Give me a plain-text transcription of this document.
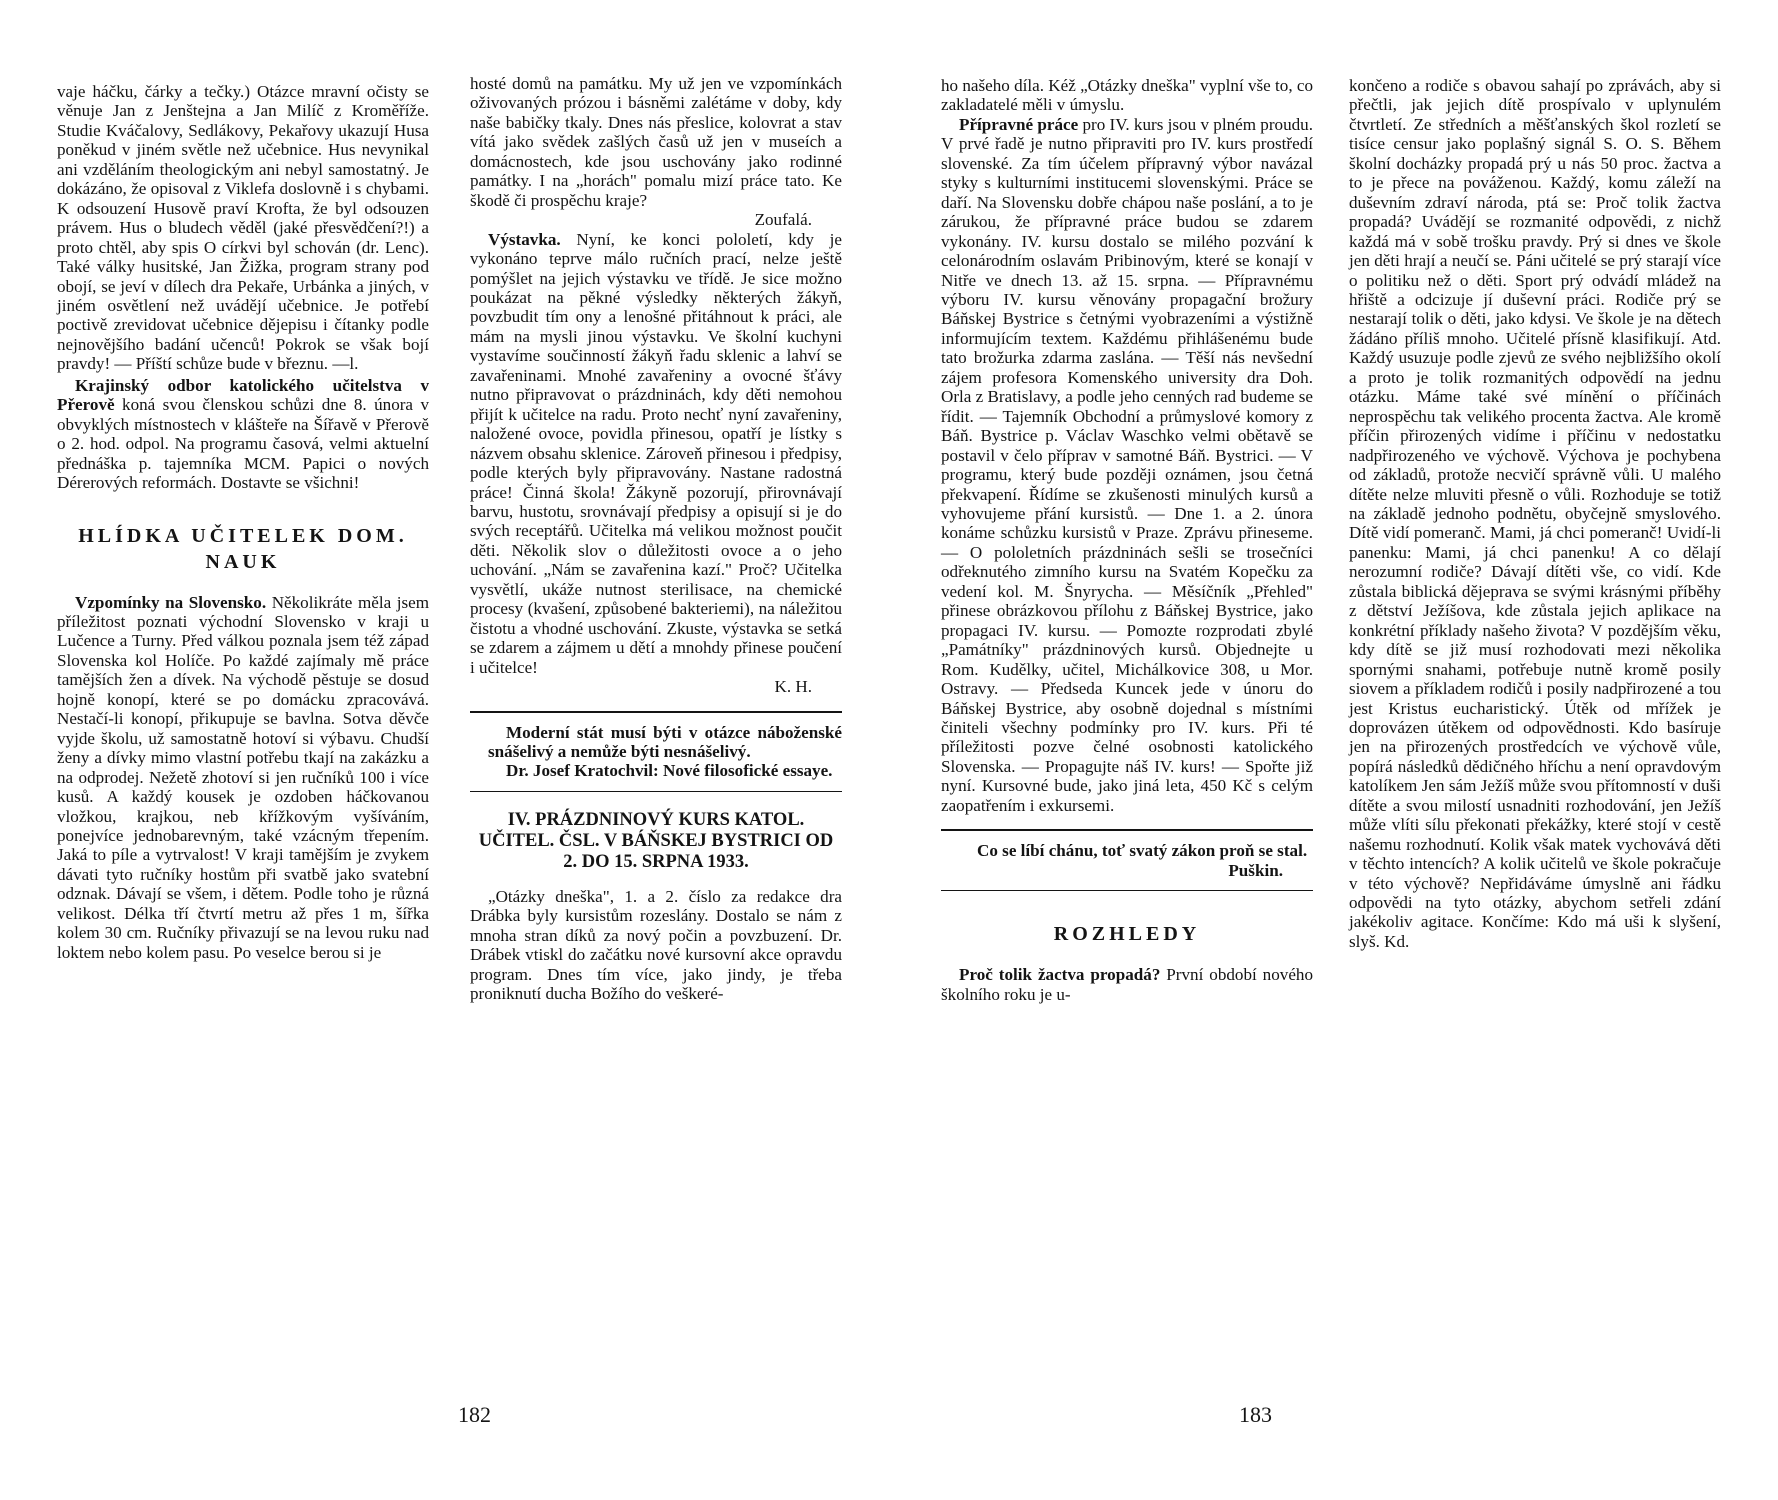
vaje háčku, čárky a tečky.) Otázce mravní očisty se věnuje Jan z Jenštejna a Jan Milíč z Kroměříže. Studie Kváčalovy, Sedlákovy, Pekařovy ukazují Husa poněkud v jiném světle než učebnice. Hus nevynikal ani vzděláním theologickým ani nebyl samostatný. Je dokázáno, že opisoval z Viklefa doslovně i s chybami. K odsouzení Husově praví Krofta, že byl odsouzen právem. Hus o bludech věděl (jaké přesvědčení?!) a proto chtěl, aby spis O církvi byl schován (dr. Lenc). Také války husitské, Jan Žižka, program strany pod obojí, se jeví v dílech dra Pekaře, Urbánka a jiných, v jiném osvětlení než uvádějí učebnice. Je potřebí poctivě zrevidovat učebnice dějepisu i čítanky podle nejnovějšího badání učenců! Pokrok se však bojí pravdy! — Příští schůze bude v březnu. —l.

Krajinský odbor katolického učitelstva v Přerově koná svou členskou schůzi dne 8. února v obvyklých místnostech v klášteře na Šířavě v Přerově o 2. hod. odpol. Na programu časová, velmi aktuelní přednáška p. tajemníka MCM. Papici o nových Dérerových reformách. Dostavte se všichni!

HLÍDKA UČITELEK DOM. NAUK

Vzpomínky na Slovensko. Několikráte měla jsem příležitost poznati východní Slovensko v kraji u Lučence a Turny. Před válkou poznala jsem též západ Slovenska kol Holíče. Po každé zajímaly mě práce tamějších žen a dívek. Na východě pěstuje se dosud hojně konopí, které se po domácku zpracovává. Nestačí-li konopí, přikupuje se bavlna. Sotva děvče vyjde školu, už samostatně hotoví si výbavu. Chudší ženy a dívky mimo vlastní potřebu tkají na zakázku a na odprodej. Nežetě zhotoví si jen ručníků 100 i více kusů. A každý kousek je ozdoben háčkovanou vložkou, krajkou, neb křížkovým vyšíváním, ponejvíce jednobarevným, také vzácným třepením. Jaká to píle a vytrvalost! V kraji tamějším je zvykem dávati tyto ručníky hostům při svatbě jako svatební odznak. Dávají se všem, i dětem. Podle toho je různá velikost. Délka tří čtvrtí metru až přes 1 m, šířka kolem 30 cm. Ručníky přivazují se na levou ruku nad loktem nebo kolem pasu. Po veselce berou si je

hosté domů na památku. My už jen ve vzpomínkách oživovaných prózou i básněmi zalétáme v doby, kdy naše babičky tkaly. Dnes nás přeslice, kolovrat a stav vítá jako svědek zašlých časů už jen v museích a domácnostech, kde jsou uschovány jako rodinné památky. I na „horách" pomalu mizí práce tato. Ke škodě či prospěchu kraje?

Zoufalá.

Výstavka. Nyní, ke konci pololetí, kdy je vykonáno teprve málo ručních prací, nelze ještě pomýšlet na jejich výstavku ve třídě. Je sice možno poukázat na pěkné výsledky některých žákyň, povzbudit tím ony a lenošné přitáhnout k práci, ale mám na mysli jinou výstavku. Ve školní kuchyni vystavíme součinností žákyň řadu sklenic a lahví se zavařeninami. Mnohé zavařeniny a ovocné šťávy nutno připravovat o prázdninách, kdy děti nemohou přijít k učitelce na radu. Proto nechť nyní zavařeniny, naložené ovoce, povidla přinesou, opatří je lístky s názvem obsahu sklenice. Zároveň přinesou i předpisy, podle kterých byly připravovány. Nastane radostná práce! Činná škola! Žákyně pozorují, přirovnávají barvu, hustotu, srovnávají předpisy a opisují si je do svých receptářů. Učitelka má velikou možnost poučit děti. Několik slov o důležitosti ovoce a o jeho uchování. „Nám se zavařenina kazí." Proč? Učitelka vysvětlí, ukáže nutnost sterilisace, na chemické procesy (kvašení, způsobené bakteriemi), na náležitou čistotu a vhodné uschování. Zkuste, výstavka se setká se zdarem a zájmem u dětí a mnohdy přinese poučení i učitelce!

K. H.

Moderní stát musí býti v otázce náboženské snášelivý a nemůže býti nesnášelivý.

Dr. Josef Kratochvil: Nové filosofické essaye.

IV. PRÁZDNINOVÝ KURS KATOL. UČITEL. ČSL. V BÁŇSKEJ BYSTRICI OD 2. DO 15. SRPNA 1933.

„Otázky dneška", 1. a 2. číslo za redakce dra Drábka byly kursistům rozeslány. Dostalo se nám z mnoha stran díků za nový počin a povzbuzení. Dr. Drábek vtiskl do začátku nové kursovní akce opravdu program. Dnes tím více, jako jindy, je třeba proniknutí ducha Božího do veškeré-

182

ho našeho díla. Kéž „Otázky dneška" vyplní vše to, co zakladatelé měli v úmyslu.

Přípravné práce pro IV. kurs jsou v plném proudu. V prvé řadě je nutno připraviti pro IV. kurs prostředí slovenské. Za tím účelem přípravný výbor navázal styky s kulturními institucemi slovenskými. Práce se daří. Na Slovensku dobře chápou naše poslání, a to je zárukou, že přípravné práce budou se zdarem vykonány. IV. kursu dostalo se milého pozvání k celonárodním oslavám Pribinovým, které se konají v Nitře ve dnech 13. až 15. srpna. — Přípravnému výboru IV. kursu věnovány propagační brožury Báňskej Bystrice s četnými vyobrazeními a výstižně informujícím textem. Každému přihlášenému bude tato brožurka zdarma zaslána. — Těší nás nevšední zájem profesora Komenského university dra Doh. Orla z Bratislavy, a podle jeho cenných rad budeme se řídit. — Tajemník Obchodní a průmyslové komory z Báň. Bystrice p. Václav Waschko velmi obětavě se postavil v čelo příprav v samotné Báň. Bystrici. — V programu, který bude později oznámen, jsou četná překvapení. Řídíme se zkušenosti minulých kursů a vyhovujeme přání kursistů. — Dne 1. a 2. února konáme schůzku kursistů v Praze. Zprávu přineseme. — O pololetních prázdninách sešli se trosečníci odřeknutého zimního kursu na Svatém Kopečku za vedení kol. M. Šnyrycha. — Měsíčník „Přehled" přinese obrázkovou přílohu z Báňskej Bystrice, jako propagaci IV. kursu. — Pomozte rozprodati zbylé „Památníky" prázdninových kursů. Objednejte u Rom. Kudělky, učitel, Michálkovice 308, u Mor. Ostravy. — Předseda Kuncek jede v únoru do Báňskej Bystrice, aby osobně dojednal s místními činiteli všechny podmínky pro IV. kurs. Při té příležitosti pozve čelné osobnosti katolického Slovenska. — Propagujte náš IV. kurs! — Spořte již nyní. Kursovné bude, jako jiná leta, 450 Kč s celým zaopatřením i exkursemi.

Co se líbí chánu, toť svatý zákon proň se stal.

Puškin.
ROZHLEDY

Proč tolik žactva propadá? První období nového školního roku je u-

končeno a rodiče s obavou sahají po zprávách, aby si přečtli, jak jejich dítě prospívalo v uplynulém čtvrtletí. Ze středních a měšťanských škol rozletí se tisíce censur jako poplašný signál S. O. S. Během školní docházky propadá prý u nás 50 proc. žactva a to je přece na pováženou. Každý, komu záleží na duševním zdraví národa, ptá se: Proč tolik žactva propadá? Uvádějí se rozmanité odpovědi, z nichž každá má v sobě trošku pravdy. Prý si dnes ve škole jen děti hrají a neučí se. Páni učitelé se prý starají více o politiku než o děti. Sport prý odvádí mládež na hřiště a odcizuje jí duševní práci. Rodiče prý se nestarají tolik o děti, jako kdysi. Ve škole je na dětech žádáno příliš mnoho. Učitelé přísně klasifikují. Atd. Každý usuzuje podle zjevů ze svého nejbližšího okolí a proto je tolik rozmanitých odpovědí na jednu otázku. Máme také své mínění o příčinách neprospěchu tak velikého procenta žactva. Ale kromě příčin přirozených vidíme i příčinu v nedostatku nadpřirozeného ve výchově. Výchova je pochybena od základů, protože necvičí správně vůli. U malého dítěte nelze mluviti přesně o vůli. Rozhoduje se totiž na základě jednoho podnětu, obyčejně smyslového. Dítě vidí pomeranč. Mami, já chci pomeranč! Uvidí-li panenku: Mami, já chci panenku! A co dělají nerozumní rodiče? Dávají dítěti vše, co vidí. Kde zůstala biblická dějeprava se svými krásnými příběhy z dětství Ježíšova, kde zůstala jejich aplikace na konkrétní příklady našeho života? V pozdějším věku, kdy dítě se již musí rozhodovati mezi několika spornými snahami, potřebuje nutně kromě posily siovem a příkladem rodičů i posily nadpřirozené a tou jest Kristus eucharistický. Útěk od mřížek je doprovázen útěkem od odpovědnosti. Kdo basíruje jen na přirozených prostředcích ve výchově vůle, popírá následků dědičného hříchu a není opravdovým katolíkem Jen sám Ježíš může svou přítomností v duši dítěte a svou milostí usnadniti rozhodování, jen Ježíš může vlíti sílu překonati překážky, které stojí v cestě našemu rozhodnutí. Kolik však matek vychovává děti v těchto intencích? A kolik učitelů ve škole pokračuje v této výchově? Nepřidáváme úmyslně ani řádku odpovědi na tyto otázky, abychom setřeli zdání jakékoliv agitace. Končíme: Kdo má uši k slyšení, slyš. Kd.

183
